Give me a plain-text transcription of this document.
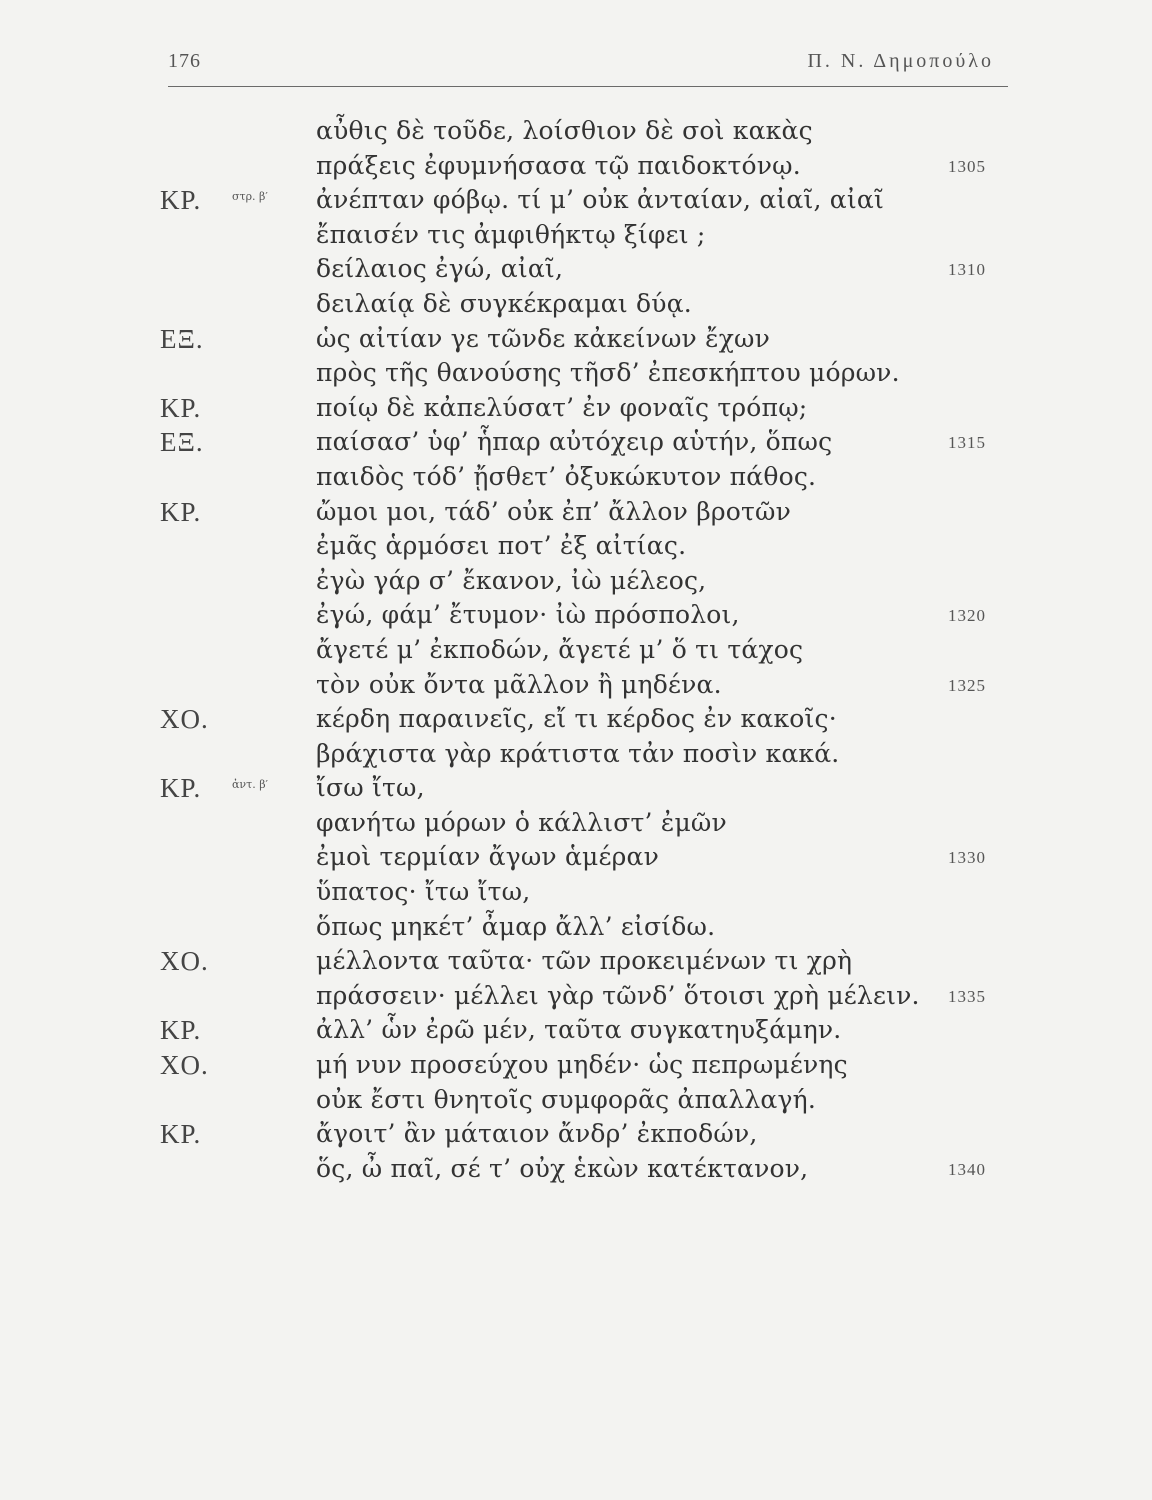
176	Π. Ν. Δημοπούλο
αὖθις δὲ τοῦδε, λοίσθιον δὲ σοὶ κακὰς
πράξεις ἐφυμνήσασα τῷ παιδοκτόνῳ.	1305
ΚΡ.	στρ. β′ ἀνέπταν φόβῳ. τί μ’ οὐκ ἀνταίαν, αἰαῖ, αἰαῖ
ἔπαισέν τις ἀμφιθήκτῳ ξίφει ;
δείλαιος ἐγώ, αἰαῖ,	1310
δειλαίᾳ δὲ συγκέκραμαι δύᾳ.
ΕΞ.	ὡς αἰτίαν γε τῶνδε κἀκείνων ἔχων
πρὸς τῆς θανούσης τῆσδ’ ἐπεσκήπτου μόρων.
ΚΡ.	ποίῳ δὲ κἀπελύσατ’ ἐν φοναῖς τρόπῳ;
ΕΞ.	παίσασ’ ὑφ’ ἧπαρ αὐτόχειρ αὑτήν, ὅπως	1315
παιδὸς τόδ’ ᾔσθετ’ ὀξυκώκυτον πάθος.
ΚΡ.	ὤμοι μοι, τάδ’ οὐκ ἐπ’ ἄλλον βροτῶν
ἐμᾶς ἁρμόσει ποτ’ ἐξ αἰτίας.
ἐγὼ γάρ σ’ ἔκανον, ἰὼ μέλεος,
ἐγώ, φάμ’ ἔτυμον· ἰὼ πρόσπολοι,	1320
ἄγετέ μ’ ἐκποδών, ἄγετέ μ’ ὅ τι τάχος
τὸν οὐκ ὄντα μᾶλλον ἢ μηδένα.	1325
ΧΟ.	κέρδη παραινεῖς, εἴ τι κέρδος ἐν κακοῖς·
βράχιστα γὰρ κράτιστα τἀν ποσὶν κακά.
ΚΡ.	ἀντ. β′ ἴσω ἴτω,
φανήτω μόρων ὁ κάλλιστ’ ἐμῶν
ἐμοὶ τερμίαν ἄγων ἁμέραν	1330
ὕπατος· ἴτω ἴτω,
ὅπως μηκέτ’ ἆμαρ ἄλλ’ εἰσίδω.
ΧΟ.	μέλλοντα ταῦτα· τῶν προκειμένων τι χρὴ
πράσσειν· μέλλει γὰρ τῶνδ’ ὅτοισι χρὴ μέλειν. 1335
ΚΡ.	ἀλλ’ ὧν ἐρῶ μέν, ταῦτα συγκατηυξάμην.
ΧΟ.	μή νυν προσεύχου μηδέν· ὡς πεπρωμένης
οὐκ ἔστι θνητοῖς συμφορᾶς ἀπαλλαγή.
ΚΡ.	ἄγοιτ’ ἂν μάταιον ἄνδρ’ ἐκποδών,
ὅς, ὦ παῖ, σέ τ’ οὐχ ἑκὼν κατέκτανον,	1340
